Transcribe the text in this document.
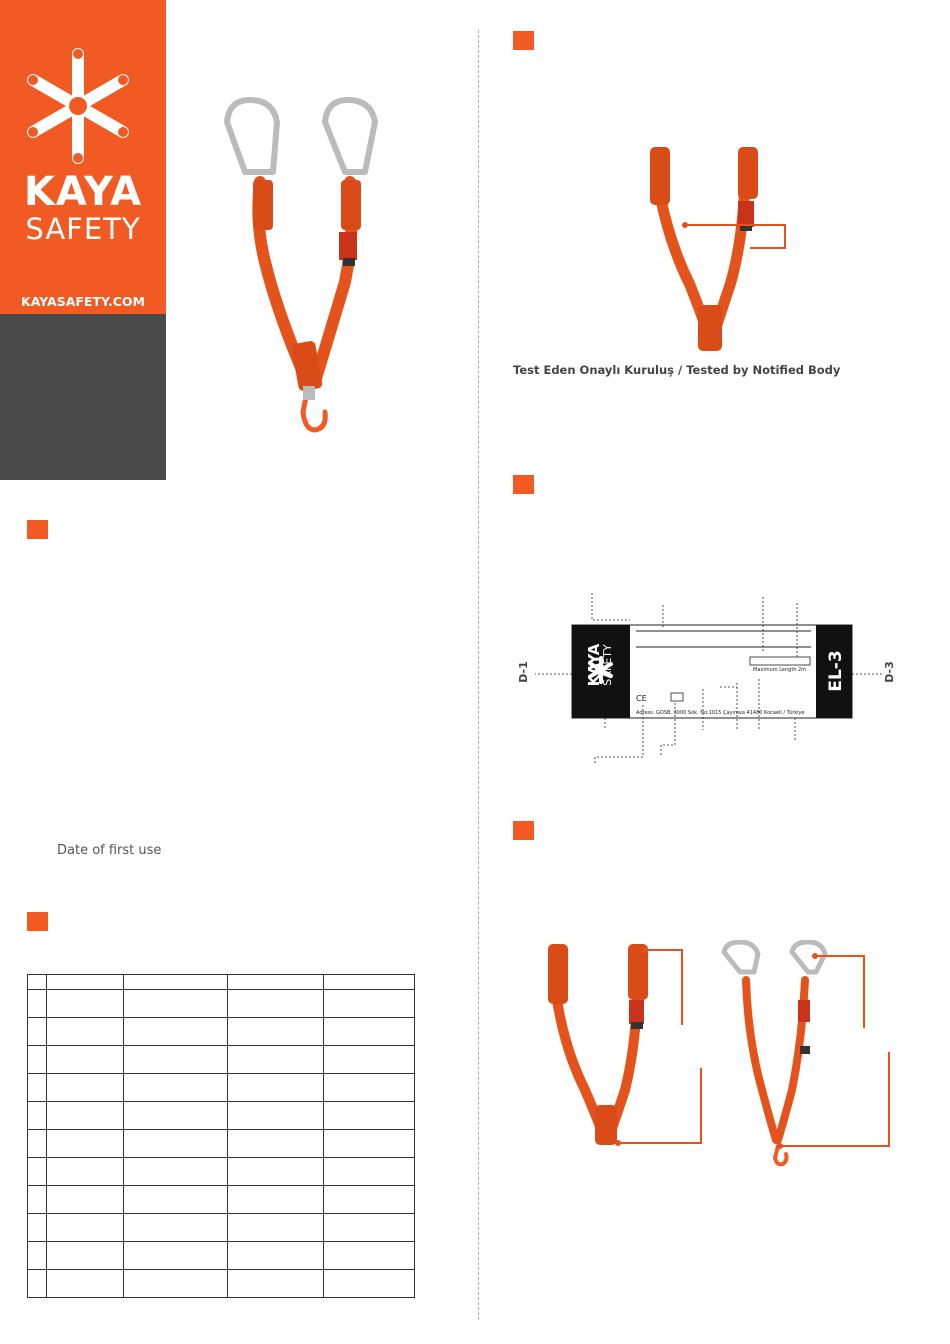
KAYA
SAFETY
KAYASAFETY.COM
Test Eden Onaylı Kuruluş / Tested by Notified Body
KAYA
SAFETY	EL-3
Maximum Length 2m
CE
Adress: GOSB. 3000 Sok. No:1015 Çayırova 41480 Kocaeli / Türkiye
D-1	D-3
Date of first use
